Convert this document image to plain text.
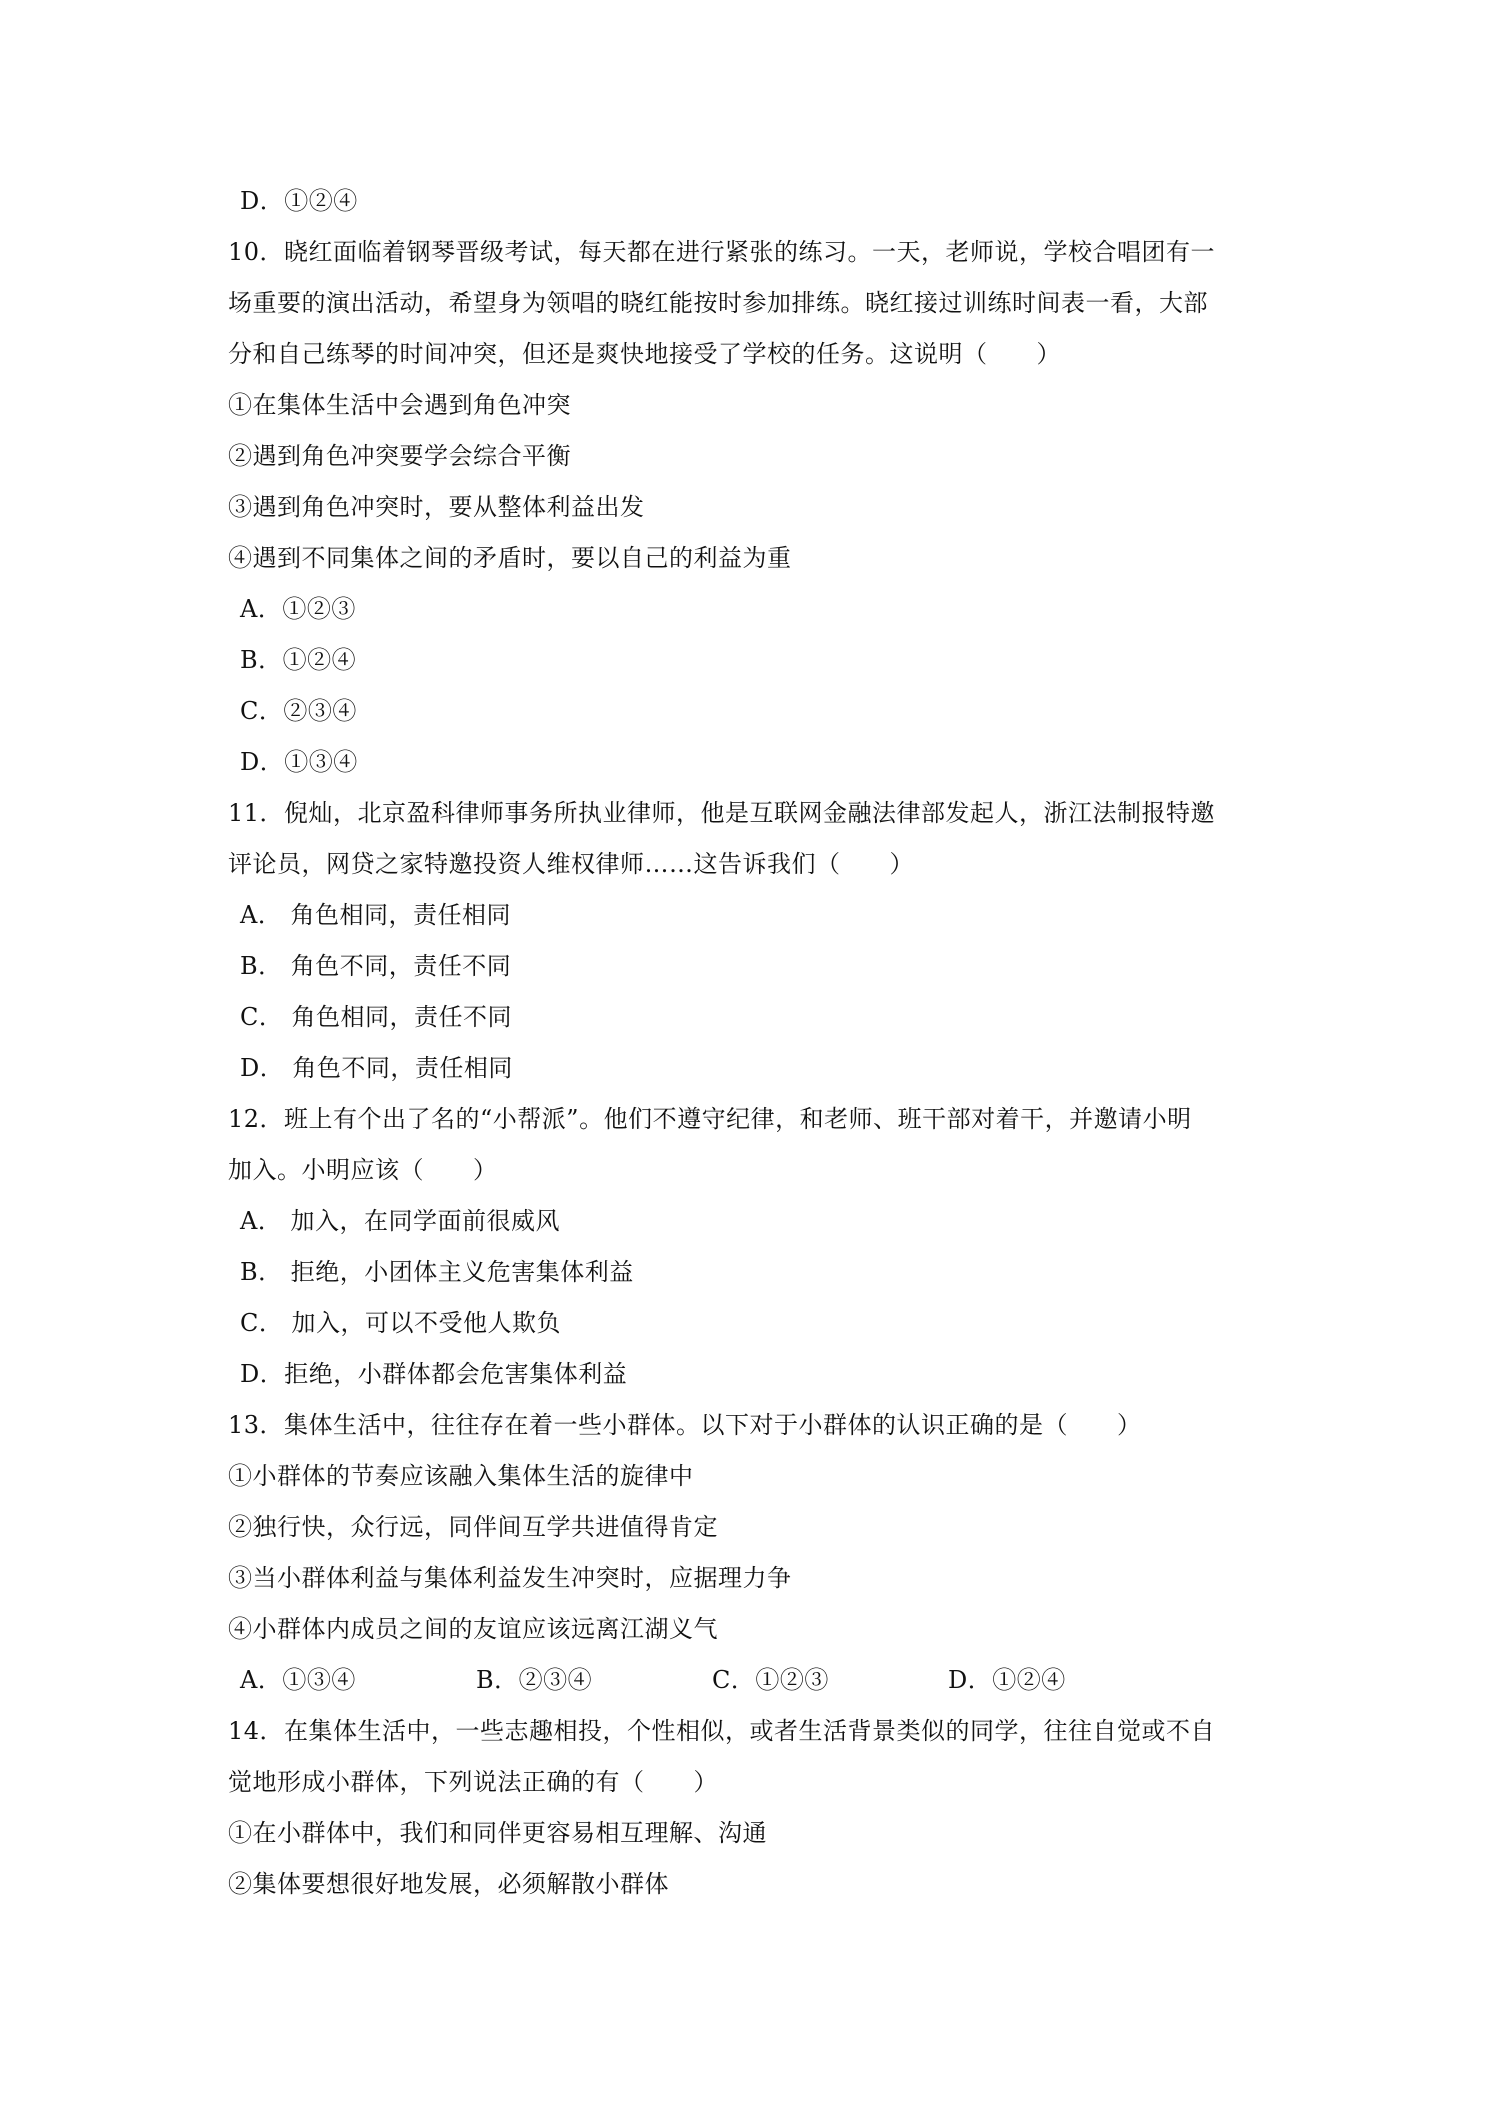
D．①②④
10．晓红面临着钢琴晋级考试，每天都在进行紧张的练习。一天，老师说，学校合唱团有一
场重要的演出活动，希望身为领唱的晓红能按时参加排练。晓红接过训练时间表一看，大部
分和自己练琴的时间冲突，但还是爽快地接受了学校的任务。这说明（　　）
①在集体生活中会遇到角色冲突
②遇到角色冲突要学会综合平衡
③遇到角色冲突时，要从整体利益出发
④遇到不同集体之间的矛盾时，要以自己的利益为重
A．①②③
B．①②④
C．②③④
D．①③④
11．倪灿，北京盈科律师事务所执业律师，他是互联网金融法律部发起人，浙江法制报特邀
评论员，网贷之家特邀投资人维权律师……这告诉我们（　　）
A． 角色相同，责任相同
B． 角色不同，责任不同
C． 角色相同，责任不同
D． 角色不同，责任相同
12．班上有个出了名的“小帮派”。他们不遵守纪律，和老师、班干部对着干，并邀请小明
加入。小明应该（　　）
A． 加入，在同学面前很威风
B． 拒绝，小团体主义危害集体利益
C． 加入，可以不受他人欺负
D．拒绝，小群体都会危害集体利益
13．集体生活中，往往存在着一些小群体。以下对于小群体的认识正确的是（　　）
①小群体的节奏应该融入集体生活的旋律中
②独行快，众行远，同伴间互学共进值得肯定
③当小群体利益与集体利益发生冲突时，应据理力争
④小群体内成员之间的友谊应该远离江湖义气
A．①③④	B．②③④	C．①②③	D．①②④
14．在集体生活中，一些志趣相投，个性相似，或者生活背景类似的同学，往往自觉或不自
觉地形成小群体，下列说法正确的有（　　）
①在小群体中，我们和同伴更容易相互理解、沟通
②集体要想很好地发展，必须解散小群体
